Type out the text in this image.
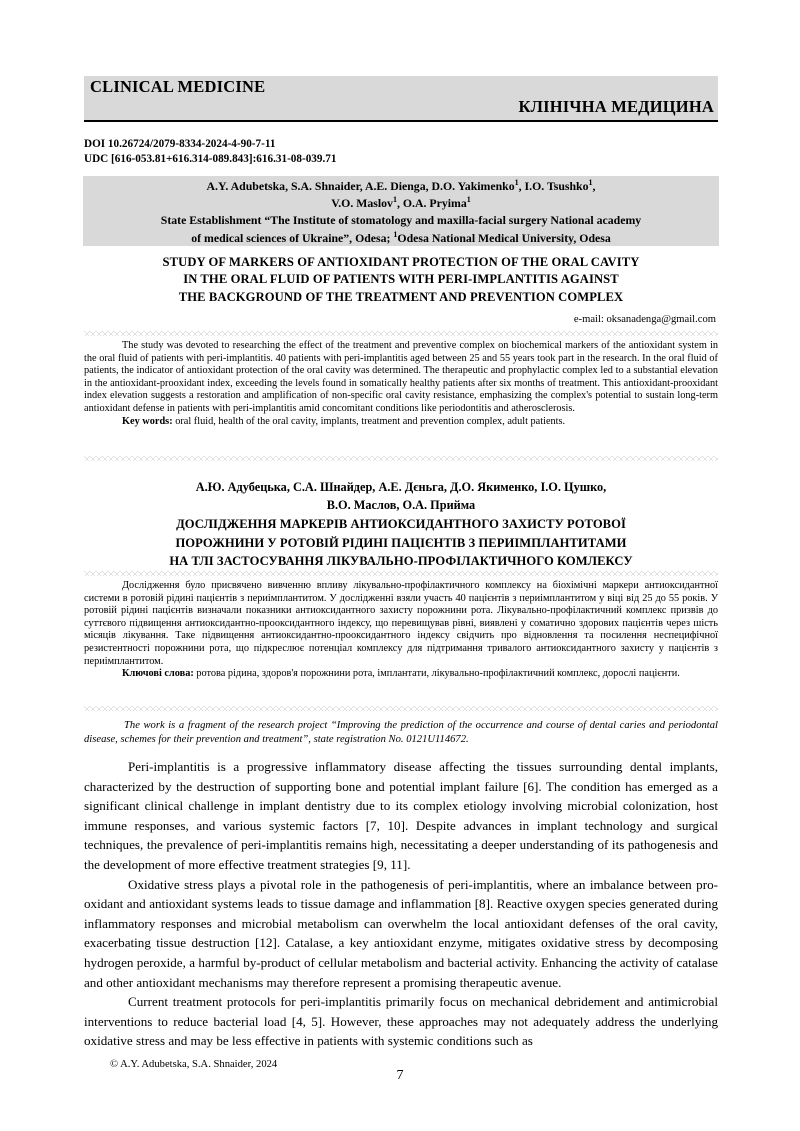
CLINICAL MEDICINE
КЛІНІЧНА МЕДИЦИНА
DOI 10.26724/2079-8334-2024-4-90-7-11
UDC [616-053.81+616.314-089.843]:616.31-08-039.71
A.Y. Adubetska, S.A. Shnaider, A.E. Dienga, D.O. Yakimenko$^1$, I.O. Tsushko$^1$,
V.O. Maslov$^1$, O.A. Pryima$^1$
State Establishment “The Institute of stomatology and maxilla-facial surgery National academy
of medical sciences of Ukraine”, Odesa; $^1$Odesa National Medical University, Odesa
STUDY OF MARKERS OF ANTIOXIDANT PROTECTION OF THE ORAL CAVITY
IN THE ORAL FLUID OF PATIENTS WITH PERI-IMPLANTITIS AGAINST
THE BACKGROUND OF THE TREATMENT AND PREVENTION COMPLEX
e-mail: oksanadenga@gmail.com

The study was devoted to researching the effect of the treatment and preventive complex on biochemical markers of the antioxidant system in the oral fluid of patients with peri-implantitis. 40 patients with peri-implantitis aged between 25 and 55 years took part in the research. In the oral fluid of patients, the indicator of antioxidant protection of the oral cavity was determined. The therapeutic and prophylactic complex led to a substantial elevation in the antioxidant-prooxidant index, exceeding the levels found in somatically healthy patients after six months of treatment. This antioxidant-prooxidant index elevation suggests a restoration and amplification of non-specific oral cavity resistance, emphasizing the complex's potential to sustain long-term antioxidant defense in patients with peri-implantitis amid concomitant conditions like periodontitis and atherosclerosis.

Key words: oral fluid, health of the oral cavity, implants, treatment and prevention complex, adult patients.

А.Ю. Адубецька, С.А. Шнайдер, А.Е. Дєньга, Д.О. Якименко, І.О. Цушко,
В.О. Маслов, О.А. Прийма
ДОСЛІДЖЕННЯ МАРКЕРІВ АНТИОКСИДАНТНОГО ЗАХИСТУ РОТОВОЇ
ПОРОЖНИНИ У РОТОВІЙ РІДИНІ ПАЦІЄНТІВ З ПЕРИІМПЛАНТИТАМИ
НА ТЛІ ЗАСТОСУВАННЯ ЛІКУВАЛЬНО-ПРОФІЛАКТИЧНОГО КОМЛЕКСУ

Дослідження було присвячено вивченню впливу лікувально-профілактичного комплексу на біохімічні маркери антиоксидантної системи в ротовій рідині пацієнтів з периімплантитом. У дослідженні взяли участь 40 пацієнтів з периімплантитом у віці від 25 до 55 років. У ротовій рідині пацієнтів визначали показники антиоксидантного захисту порожнини рота. Лікувально-профілактичний комплекс призвів до суттєвого підвищення антиоксидантно-прооксидантного індексу, що перевищував рівні, виявлені у соматично здорових пацієнтів через шість місяців лікування. Таке підвищення антиоксидантно-прооксидантного індексу свідчить про відновлення та посилення неспецифічної резистентності порожнини рота, що підкреслює потенціал комплексу для підтримання тривалого антиоксидантного захисту у пацієнтів з периімплантитом.

Ключові слова: ротова рідина, здоров'я порожнини рота, імплантати, лікувально-профілактичний комплекс, дорослі пацієнти.

The work is a fragment of the research project “Improving the prediction of the occurrence and course of dental caries and periodontal disease, schemes for their prevention and treatment”, state registration No. 0121U114672.

Peri-implantitis is a progressive inflammatory disease affecting the tissues surrounding dental implants, characterized by the destruction of supporting bone and potential implant failure [6]. The condition has emerged as a significant clinical challenge in implant dentistry due to its complex etiology involving microbial colonization, host immune responses, and various systemic factors [7, 10]. Despite advances in implant technology and surgical techniques, the prevalence of peri-implantitis remains high, necessitating a deeper understanding of its pathogenesis and the development of more effective treatment strategies [9, 11].

Oxidative stress plays a pivotal role in the pathogenesis of peri-implantitis, where an imbalance between pro-oxidant and antioxidant systems leads to tissue damage and inflammation [8]. Reactive oxygen species generated during inflammatory responses and microbial metabolism can overwhelm the local antioxidant defenses of the oral cavity, exacerbating tissue destruction [12]. Catalase, a key antioxidant enzyme, mitigates oxidative stress by decomposing hydrogen peroxide, a harmful by-product of cellular metabolism and bacterial activity. Enhancing the activity of catalase and other antioxidant mechanisms may therefore represent a promising therapeutic avenue.

Current treatment protocols for peri-implantitis primarily focus on mechanical debridement and antimicrobial interventions to reduce bacterial load [4, 5]. However, these approaches may not adequately address the underlying oxidative stress and may be less effective in patients with systemic conditions such as

© A.Y. Adubetska, S.A. Shnaider, 2024
7
